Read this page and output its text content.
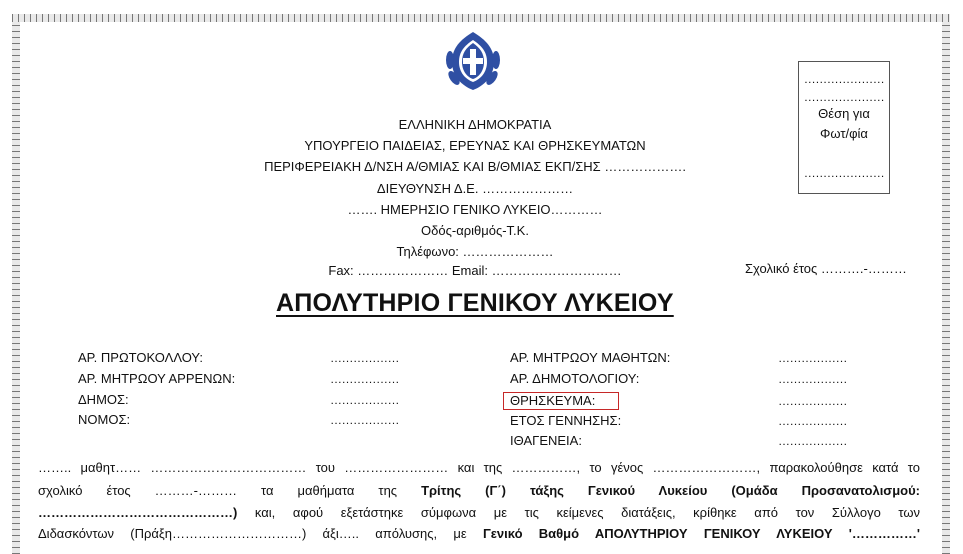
ΕΛΛΗΝΙΚΗ ΔΗΜΟΚΡΑΤΙΑ
ΥΠΟΥΡΓΕΙΟ ΠΑΙΔΕΙΑΣ, ΕΡΕΥΝΑΣ ΚΑΙ ΘΡΗΣΚΕΥΜΑΤΩΝ
ΠΕΡΙΦΕΡΕΙΑΚΗ Δ/ΝΣΗ Α/ΘΜΙΑΣ ΚΑΙ Β/ΘΜΙΑΣ ΕΚΠ/ΣΗΣ ……………….
ΔΙΕΥΘΥΝΣΗ Δ.Ε. …………………
……. ΗΜΕΡΗΣΙΟ ΓΕΝΙΚΟ ΛΥΚΕΙΟ…………
Οδός-αριθμός-Τ.Κ.
Τηλέφωνο: …………………
Fax: ………………… Email: …………………………	Σχολικό έτος ……….-………
…………………
…………………
Θέση για
Φωτ/φία
…………………
ΑΠΟΛΥΤΗΡΙΟ ΓΕΝΙΚΟΥ ΛΥΚΕΙΟΥ
ΑΡ. ΠΡΩΤΟΚΟΛΛΟΥ:	………………
ΑΡ. ΜΗΤΡΩΟΥ ΑΡΡΕΝΩΝ:	………………
ΔΗΜΟΣ:	………………
ΝΟΜΟΣ:	………………
ΑΡ. ΜΗΤΡΩΟΥ ΜΑΘΗΤΩΝ:	………………
ΑΡ. ΔΗΜΟΤΟΛΟΓΙΟΥ:	………………
ΘΡΗΣΚΕΥΜΑ:	………………
ΕΤΟΣ ΓΕΝΝΗΣΗΣ:	………………
ΙΘΑΓΕΝΕΙΑ:	………………
…….. μαθητ…… ……………………………… του …………………… και της ……………, το γένος ……………………, παρακολούθησε κατά το
σχολικό έτος ………-……… τα μαθήματα της Τρίτης (Γ΄) τάξης Γενικού Λυκείου (Ομάδα Προσανατολισμού:
………………………………………) και, αφού εξετάστηκε σύμφωνα με τις κείμενες διατάξεις, κρίθηκε από τον Σύλλογο των
Διδασκόντων (Πράξη…………………………) άξι….. απόλυσης, με Γενικό Βαθμό ΑΠΟΛΥΤΗΡΙΟΥ ΓΕΝΙΚΟΥ ΛΥΚΕΙΟΥ '……………'
